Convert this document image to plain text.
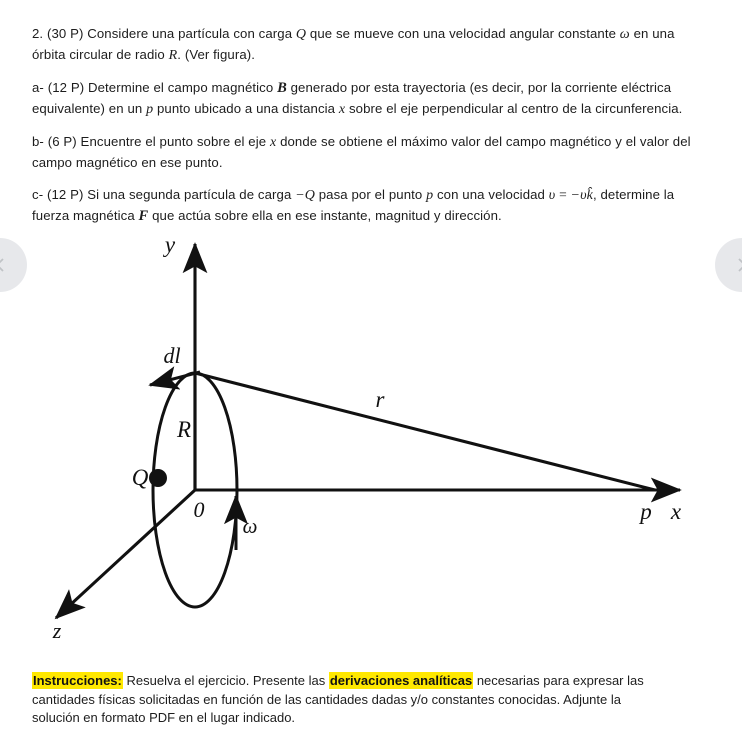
2. (30 P) Considere una partícula con carga Q que se mueve con una velocidad angular constante ω en una órbita circular de radio R. (Ver figura).

a- (12 P) Determine el campo magnético B generado por esta trayectoria (es decir, por la corriente eléctrica equivalente) en un p punto ubicado a una distancia x sobre el eje perpendicular al centro de la circunferencia.

b- (6 P) Encuentre el punto sobre el eje x donde se obtiene el máximo valor del campo magnético y el valor del campo magnético en ese punto.

c- (12 P) Si una segunda partícula de carga −Q pasa por el punto p con una velocidad υ = −υk̂, determine la fuerza magnética F que actúa sobre ella en ese instante, magnitud y dirección.

y
p x
z
0
R
Q
dl
r
ω
Instrucciones: Resuelva el ejercicio. Presente las derivaciones analíticas necesarias para expresar las cantidades físicas solicitadas en función de las cantidades dadas y/o constantes conocidas. Adjunte la solución en formato PDF en el lugar indicado.
